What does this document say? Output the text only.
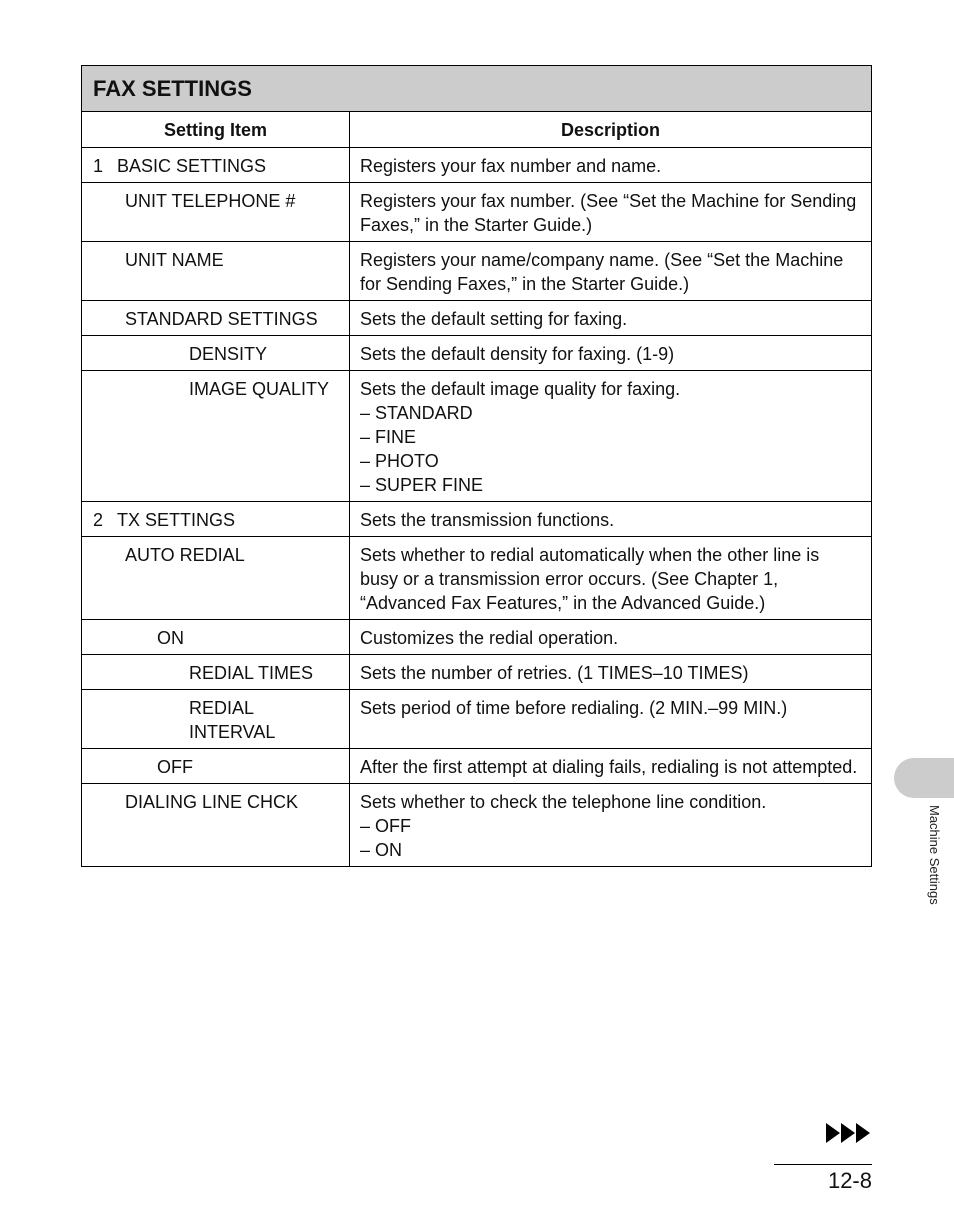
FAX SETTINGS	
Setting Item	Description
1 BASIC SETTINGS	Registers your fax number and name.

UNIT TELEPHONE #	Registers your fax number. (See “Set the Machine for Sending Faxes,” in the Starter Guide.)

UNIT NAME	Registers your name/company name. (See “Set the Machine for Sending Faxes,” in the Starter Guide.)

STANDARD SETTINGS	Sets the default setting for faxing.

DENSITY	Sets the default density for faxing. (1-9)

IMAGE QUALITY	Sets the default image quality for faxing.
– STANDARD
– FINE
– PHOTO
– SUPER FINE

2 TX SETTINGS	Sets the transmission functions.

AUTO REDIAL	Sets whether to redial automatically when the other line is busy or a transmission error occurs. (See Chapter 1, “Advanced Fax Features,” in the Advanced Guide.)

ON	Customizes the redial operation.

REDIAL TIMES	Sets the number of retries. (1 TIMES–10 TIMES)

REDIAL INTERVAL	Sets period of time before redialing. (2 MIN.–99 MIN.)

OFF	After the first attempt at dialing fails, redialing is not attempted.

DIALING LINE CHCK	Sets whether to check the telephone line condition.
– OFF
– ON	Machine Settings
12-8
